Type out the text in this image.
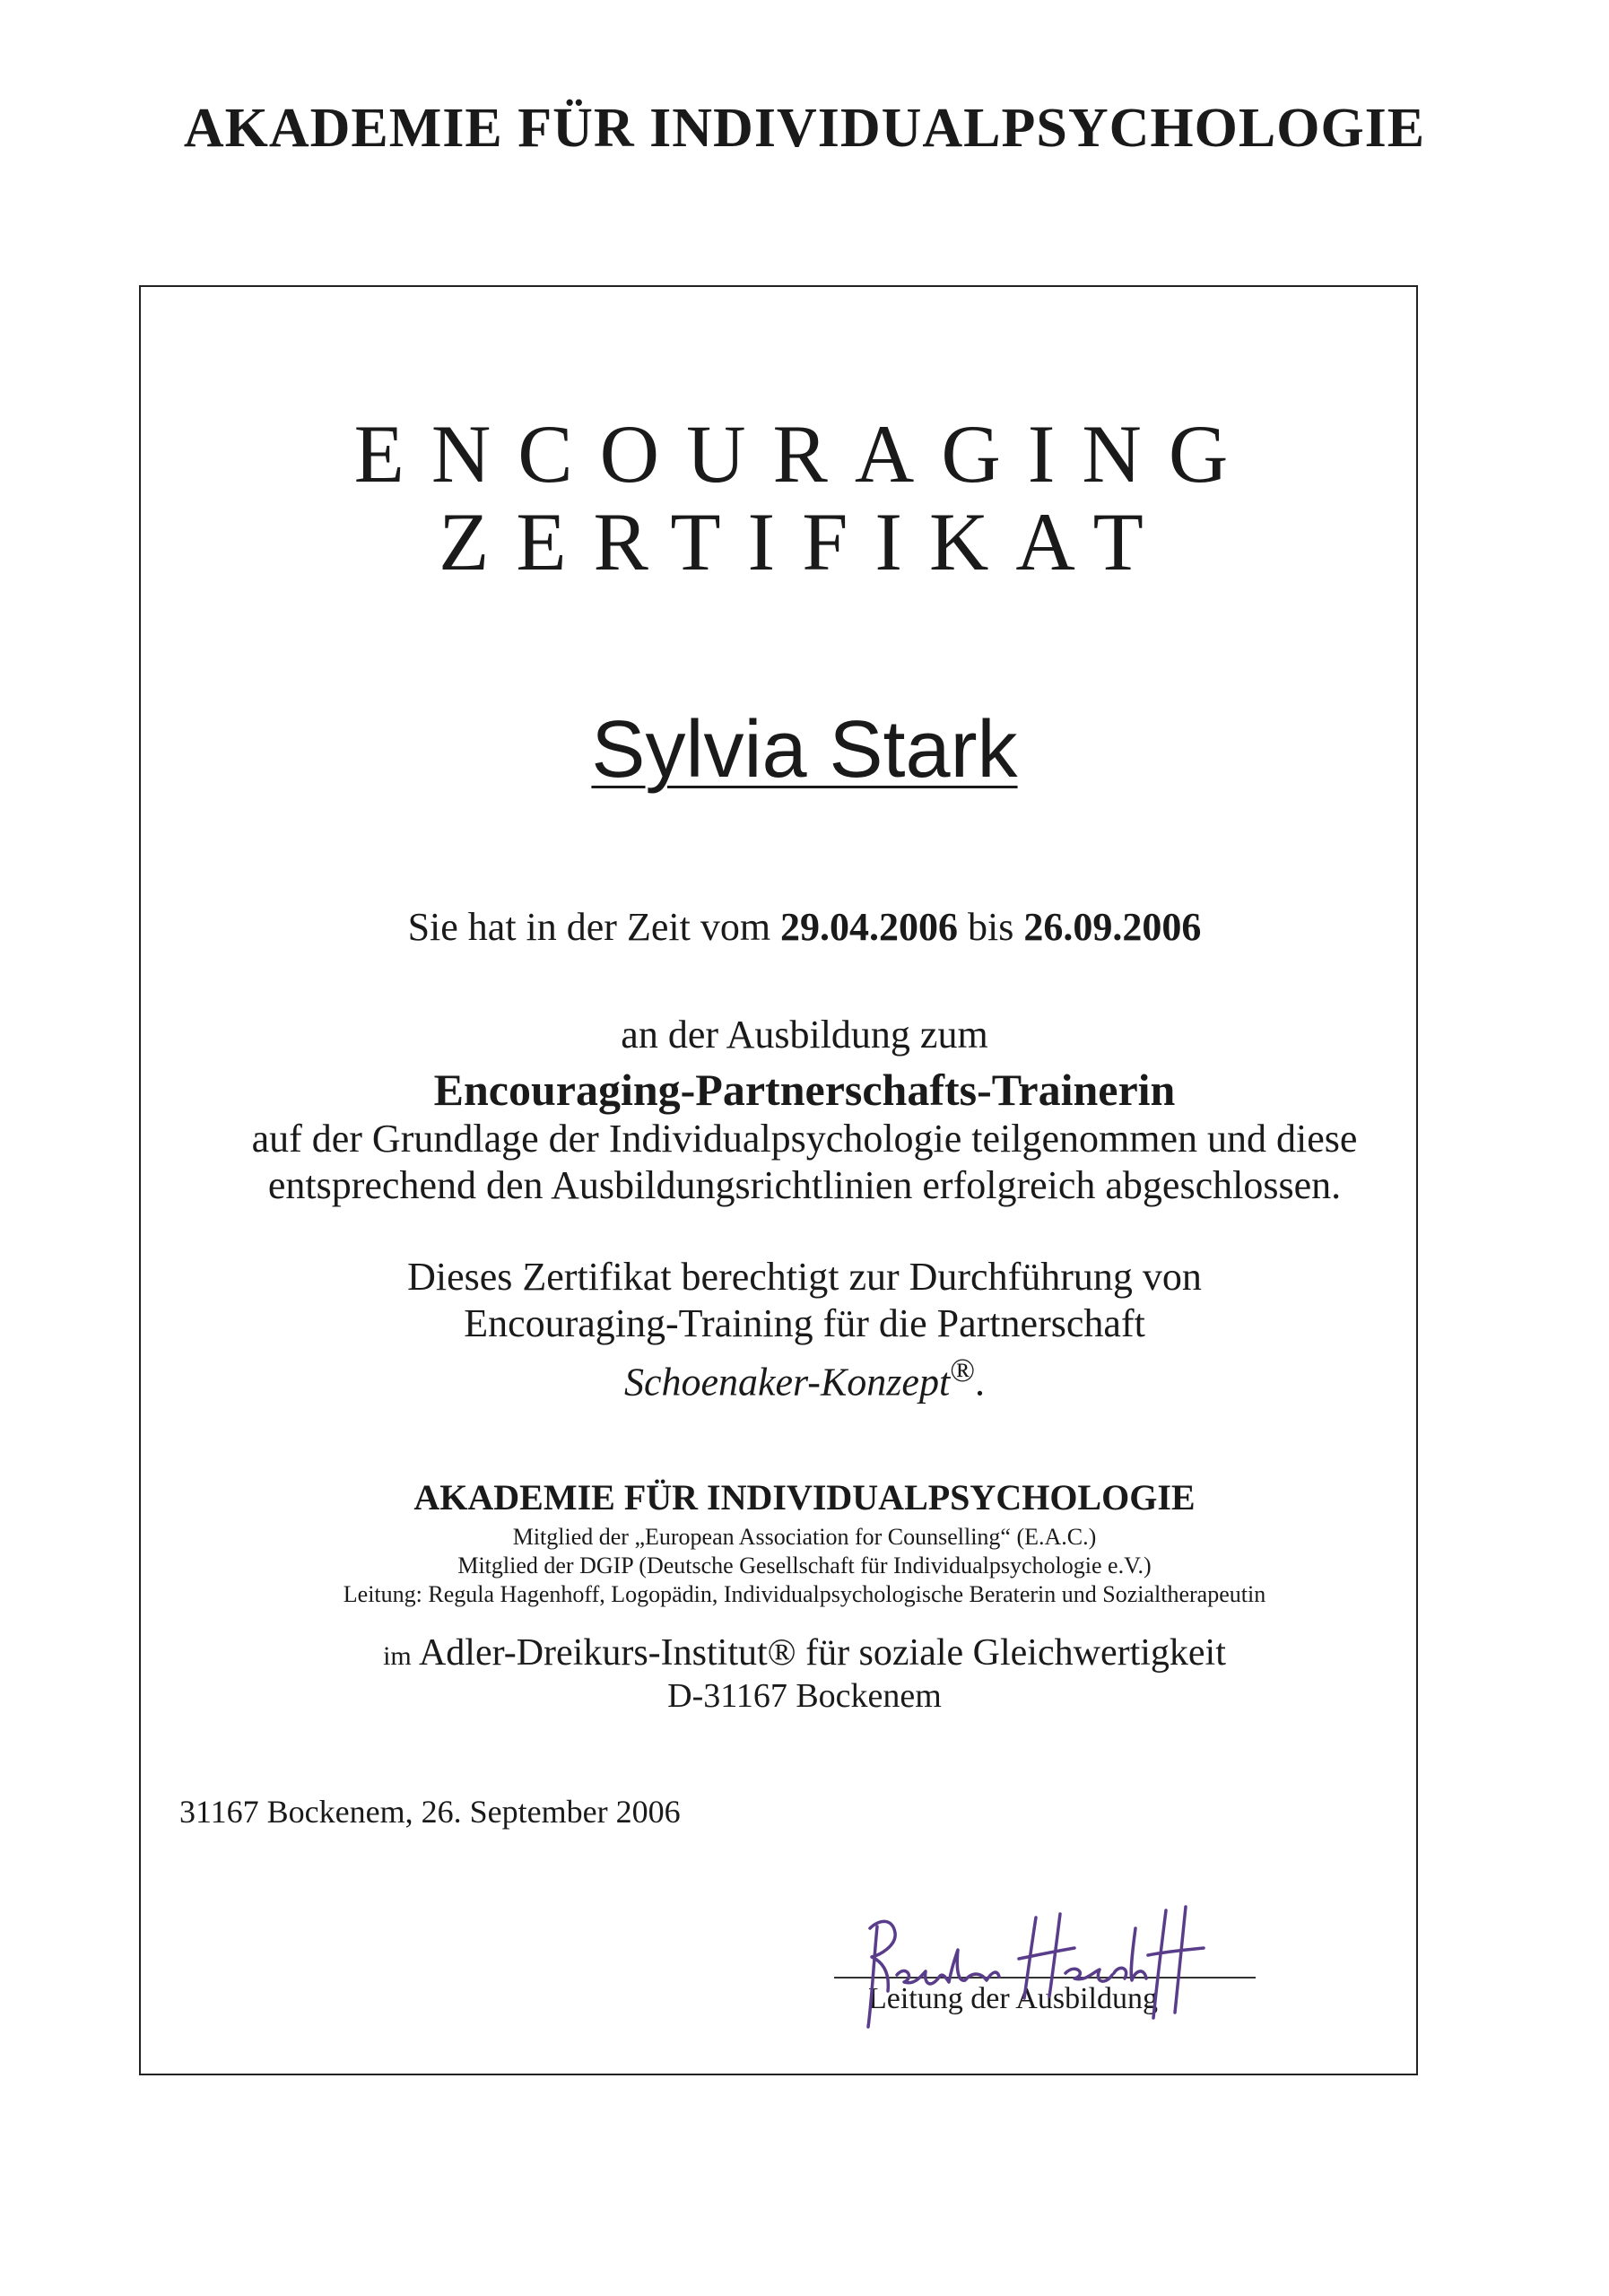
AKADEMIE FÜR INDIVIDUALPSYCHOLOGIE
ENCOURAGING
ZERTIFIKAT
Sylvia Stark
Sie hat in der Zeit vom 29.04.2006 bis 26.09.2006
an der Ausbildung zum
Encouraging-Partnerschafts-Trainerin
auf der Grundlage der Individualpsychologie teilgenommen und diese
entsprechend den Ausbildungsrichtlinien erfolgreich abgeschlossen.
Dieses Zertifikat berechtigt zur Durchführung von
Encouraging-Training für die Partnerschaft
Schoenaker-Konzept®.
AKADEMIE FÜR INDIVIDUALPSYCHOLOGIE
Mitglied der „European Association for Counselling“ (E.A.C.)
Mitglied der DGIP (Deutsche Gesellschaft für Individualpsychologie e.V.)
Leitung: Regula Hagenhoff, Logopädin, Individualpsychologische Beraterin und Sozialtherapeutin
im Adler-Dreikurs-Institut® für soziale Gleichwertigkeit
D-31167 Bockenem
31167 Bockenem, 26. September 2006
Leitung der Ausbildung
